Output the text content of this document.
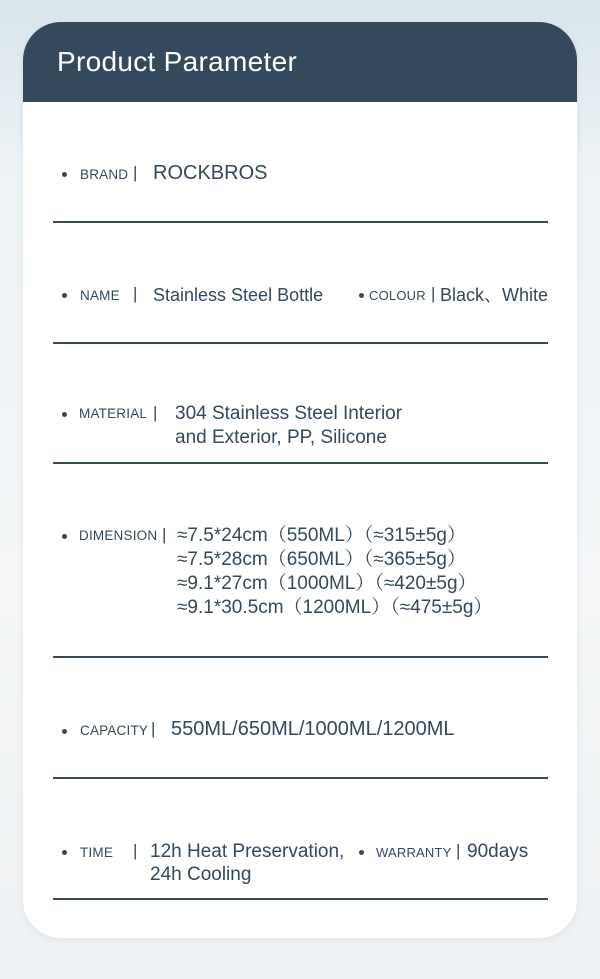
Product Parameter
BRAND | ROCKBROS
NAME | Stainless Steel Bottle	COLOUR | Black、White
MATERIAL | 304 Stainless Steel Interior
and Exterior, PP, Silicone
DIMENSION | ≈7.5*24cm（550ML）（≈315±5g）
≈7.5*28cm（650ML）（≈365±5g）
≈9.1*27cm（1000ML）（≈420±5g）
≈9.1*30.5cm（1200ML）（≈475±5g）
CAPACITY | 550ML/650ML/1000ML/1200ML
TIME | 12h Heat Preservation,
24h Cooling
WARRANTY | 90days
